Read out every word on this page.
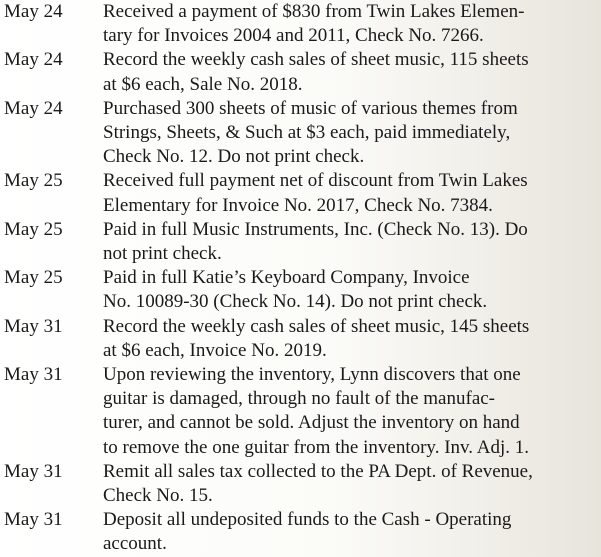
May 24	Received a payment of $830 from Twin Lakes Elemen-
tary for Invoices 2004 and 2011, Check No. 7266.
May 24	Record the weekly cash sales of sheet music, 115 sheets
at $6 each, Sale No. 2018.
May 24	Purchased 300 sheets of music of various themes from
Strings, Sheets, & Such at $3 each, paid immediately,
Check No. 12. Do not print check.
May 25	Received full payment net of discount from Twin Lakes
Elementary for Invoice No. 2017, Check No. 7384.
May 25	Paid in full Music Instruments, Inc. (Check No. 13). Do
not print check.
May 25	Paid in full Katie’s Keyboard Company, Invoice
No. 10089-30 (Check No. 14). Do not print check.
May 31	Record the weekly cash sales of sheet music, 145 sheets
at $6 each, Invoice No. 2019.
May 31	Upon reviewing the inventory, Lynn discovers that one
guitar is damaged, through no fault of the manufac-
turer, and cannot be sold. Adjust the inventory on hand
to remove the one guitar from the inventory. Inv. Adj. 1.
May 31	Remit all sales tax collected to the PA Dept. of Revenue,
Check No. 15.
May 31	Deposit all undeposited funds to the Cash - Operating
account.
